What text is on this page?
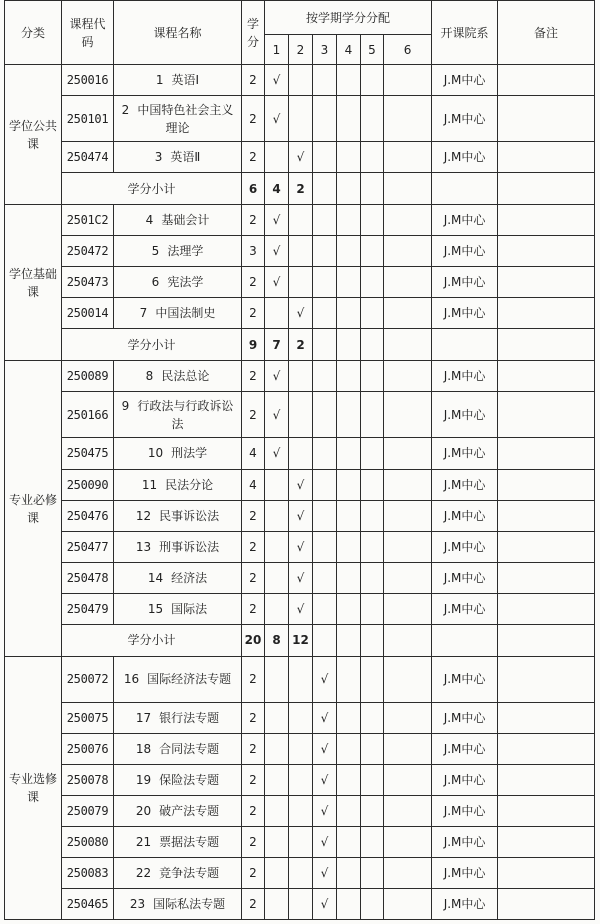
分类	课程代码	课程名称	学分	按学期学分分配						开课院系	备注
				1	2	3	4	5	6		
学位公共课	250016	1 英语Ⅰ	2	√						J.M中心	
	250101	2 中国特色社会主义理论	2	√						J.M中心	
	250474	3 英语Ⅱ	2		√					J.M中心	
	学分小计		6	4	2						
学位基础课	2501C2	4 基础会计	2	√						J.M中心	
	250472	5 法理学	3	√						J.M中心	
	250473	6 宪法学	2	√						J.M中心	
	250014	7 中国法制史	2		√					J.M中心	
	学分小计		9	7	2						
专业必修课	250089	8 民法总论	2	√						J.M中心	
	250166	9 行政法与行政诉讼法	2	√						J.M中心	
	250475	10 刑法学	4	√						J.M中心	
	250090	11 民法分论	4		√					J.M中心	
	250476	12 民事诉讼法	2		√					J.M中心	
	250477	13 刑事诉讼法	2		√					J.M中心	
	250478	14 经济法	2		√					J.M中心	
	250479	15 国际法	2		√					J.M中心	
	学分小计		20	8	12						
专业选修课	250072	16 国际经济法专题	2			√				J.M中心	
	250075	17 银行法专题	2			√				J.M中心	
	250076	18 合同法专题	2			√				J.M中心	
	250078	19 保险法专题	2			√				J.M中心	
	250079	20 破产法专题	2			√				J.M中心	
	250080	21 票据法专题	2			√				J.M中心	
	250083	22 竞争法专题	2			√				J.M中心	
	250465	23 国际私法专题	2			√				J.M中心	
